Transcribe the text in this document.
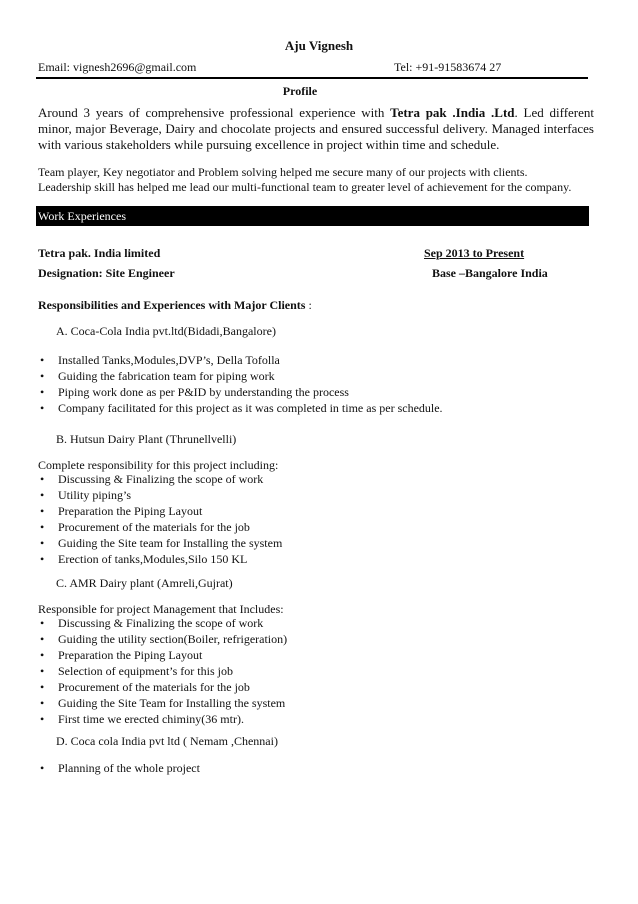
Aju Vignesh
Email: vignesh2696@gmail.com	Tel: +91-91583674 27
Profile
Around 3 years of comprehensive professional experience with Tetra pak .India .Ltd. Led different minor, major Beverage, Dairy and chocolate projects and ensured successful delivery. Managed interfaces with various stakeholders while pursuing excellence in project within time and schedule.
Team player, Key negotiator and Problem solving helped me secure many of our projects with clients.
Leadership skill has helped me lead our multi-functional team to greater level of achievement for the company.
Work Experiences
Tetra pak. India limited	Sep 2013 to Present
Designation: Site Engineer	Base –Bangalore India
Responsibilities and Experiences with Major Clients :
A. Coca-Cola India pvt.ltd(Bidadi,Bangalore)
• Installed Tanks,Modules,DVP’s, Della Tofolla
• Guiding the fabrication team for piping work
• Piping work done as per P&ID by understanding the process
• Company facilitated for this project as it was completed in time as per schedule.
B. Hutsun Dairy Plant (Thrunellvelli)
Complete responsibility for this project including:
• Discussing & Finalizing the scope of work
• Utility piping’s
• Preparation the Piping Layout
• Procurement of the materials for the job
• Guiding the Site team for Installing the system
• Erection of tanks,Modules,Silo 150 KL
C. AMR Dairy plant (Amreli,Gujrat)
Responsible for project Management that Includes:
• Discussing & Finalizing the scope of work
• Guiding the utility section(Boiler, refrigeration)
• Preparation the Piping Layout
• Selection of equipment’s for this job
• Procurement of the materials for the job
• Guiding the Site Team for Installing the system
• First time we erected chiminy(36 mtr).
D. Coca cola India pvt ltd ( Nemam ,Chennai)
• Planning of the whole project
